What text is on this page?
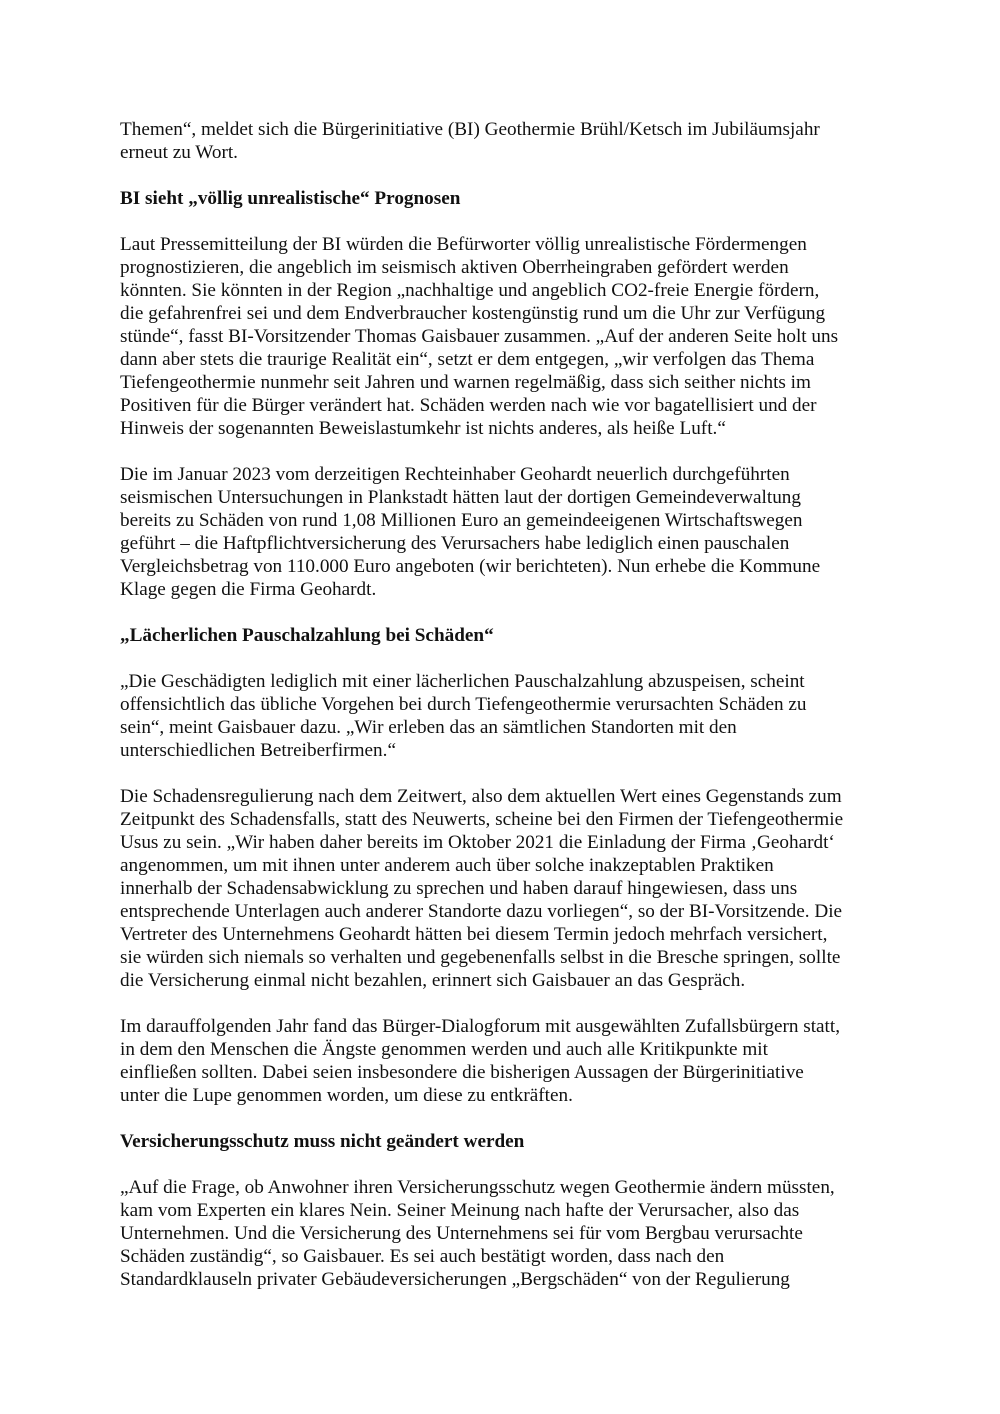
Themen“, meldet sich die Bürgerinitiative (BI) Geothermie Brühl/Ketsch im Jubiläumsjahr
erneut zu Wort.

BI sieht „völlig unrealistische“ Prognosen

Laut Pressemitteilung der BI würden die Befürworter völlig unrealistische Fördermengen
prognostizieren, die angeblich im seismisch aktiven Oberrheingraben gefördert werden
könnten. Sie könnten in der Region „nachhaltige und angeblich CO2-freie Energie fördern,
die gefahrenfrei sei und dem Endverbraucher kostengünstig rund um die Uhr zur Verfügung
stünde“, fasst BI-Vorsitzender Thomas Gaisbauer zusammen. „Auf der anderen Seite holt uns
dann aber stets die traurige Realität ein“, setzt er dem entgegen, „wir verfolgen das Thema
Tiefengeothermie nunmehr seit Jahren und warnen regelmäßig, dass sich seither nichts im
Positiven für die Bürger verändert hat. Schäden werden nach wie vor bagatellisiert und der
Hinweis der sogenannten Beweislastumkehr ist nichts anderes, als heiße Luft.“

Die im Januar 2023 vom derzeitigen Rechteinhaber Geohardt neuerlich durchgeführten
seismischen Untersuchungen in Plankstadt hätten laut der dortigen Gemeindeverwaltung
bereits zu Schäden von rund 1,08 Millionen Euro an gemeindeeigenen Wirtschaftswegen
geführt – die Haftpflichtversicherung des Verursachers habe lediglich einen pauschalen
Vergleichsbetrag von 110.000 Euro angeboten (wir berichteten). Nun erhebe die Kommune
Klage gegen die Firma Geohardt.

„Lächerlichen Pauschalzahlung bei Schäden“

„Die Geschädigten lediglich mit einer lächerlichen Pauschalzahlung abzuspeisen, scheint
offensichtlich das übliche Vorgehen bei durch Tiefengeothermie verursachten Schäden zu
sein“, meint Gaisbauer dazu. „Wir erleben das an sämtlichen Standorten mit den
unterschiedlichen Betreiberfirmen.“

Die Schadensregulierung nach dem Zeitwert, also dem aktuellen Wert eines Gegenstands zum
Zeitpunkt des Schadensfalls, statt des Neuwerts, scheine bei den Firmen der Tiefengeothermie
Usus zu sein. „Wir haben daher bereits im Oktober 2021 die Einladung der Firma ‚Geohardt‘
angenommen, um mit ihnen unter anderem auch über solche inakzeptablen Praktiken
innerhalb der Schadensabwicklung zu sprechen und haben darauf hingewiesen, dass uns
entsprechende Unterlagen auch anderer Standorte dazu vorliegen“, so der BI-Vorsitzende. Die
Vertreter des Unternehmens Geohardt hätten bei diesem Termin jedoch mehrfach versichert,
sie würden sich niemals so verhalten und gegebenenfalls selbst in die Bresche springen, sollte
die Versicherung einmal nicht bezahlen, erinnert sich Gaisbauer an das Gespräch.

Im darauffolgenden Jahr fand das Bürger-Dialogforum mit ausgewählten Zufallsbürgern statt,
in dem den Menschen die Ängste genommen werden und auch alle Kritikpunkte mit
einfließen sollten. Dabei seien insbesondere die bisherigen Aussagen der Bürgerinitiative
unter die Lupe genommen worden, um diese zu entkräften.

Versicherungsschutz muss nicht geändert werden

„Auf die Frage, ob Anwohner ihren Versicherungsschutz wegen Geothermie ändern müssten,
kam vom Experten ein klares Nein. Seiner Meinung nach hafte der Verursacher, also das
Unternehmen. Und die Versicherung des Unternehmens sei für vom Bergbau verursachte
Schäden zuständig“, so Gaisbauer. Es sei auch bestätigt worden, dass nach den
Standardklauseln privater Gebäudeversicherungen „Bergschäden“ von der Regulierung
